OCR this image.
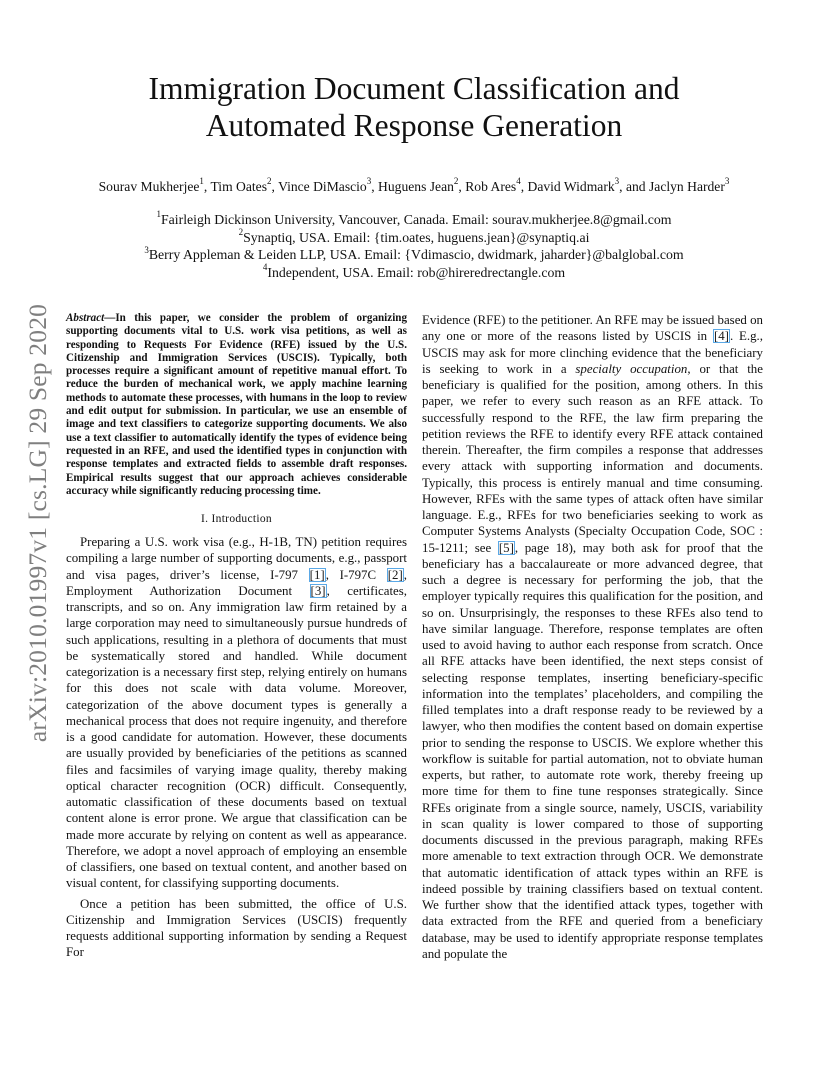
arXiv:2010.01997v1 [cs.LG] 29 Sep 2020
Immigration Document Classification and
Automated Response Generation
Sourav Mukherjee$^1$, Tim Oates$^2$, Vince DiMascio$^3$, Huguens Jean$^2$, Rob Ares$^4$, David Widmark$^3$, and Jaclyn Harder$^3$
$^1$Fairleigh Dickinson University, Vancouver, Canada. Email: sourav.mukherjee.8@gmail.com
$^2$Synaptiq, USA. Email: {tim.oates, huguens.jean}@synaptiq.ai
$^3$Berry Appleman & Leiden LLP, USA. Email: {Vdimascio, dwidmark, jaharder}@balglobal.com
$^4$Independent, USA. Email: rob@hireredrectangle.com
Abstract—In this paper, we consider the problem of organizing supporting documents vital to U.S. work visa petitions, as well as responding to Requests For Evidence (RFE) issued by the U.S. Citizenship and Immigration Services (USCIS). Typically, both processes require a significant amount of repetitive manual effort. To reduce the burden of mechanical work, we apply machine learning methods to automate these processes, with humans in the loop to review and edit output for submission. In particular, we use an ensemble of image and text classifiers to categorize supporting documents. We also use a text classifier to automatically identify the types of evidence being requested in an RFE, and used the identified types in conjunction with response templates and extracted fields to assemble draft responses. Empirical results suggest that our approach achieves considerable accuracy while significantly reducing processing time.
I. Introduction

Preparing a U.S. work visa (e.g., H-1B, TN) petition requires compiling a large number of supporting documents, e.g., passport and visa pages, driver’s license, I-797 [1], I-797C [2], Employment Authorization Document [3], certificates, transcripts, and so on. Any immigration law firm retained by a large corporation may need to simultaneously pursue hundreds of such applications, resulting in a plethora of documents that must be systematically stored and handled. While document categorization is a necessary first step, relying entirely on humans for this does not scale with data volume. Moreover, categorization of the above document types is generally a mechanical process that does not require ingenuity, and therefore is a good candidate for automation. However, these documents are usually provided by beneficiaries of the petitions as scanned files and facsimiles of varying image quality, thereby making optical character recognition (OCR) difficult. Consequently, automatic classification of these documents based on textual content alone is error prone. We argue that classification can be made more accurate by relying on content as well as appearance. Therefore, we adopt a novel approach of employing an ensemble of classifiers, one based on textual content, and another based on visual content, for classifying supporting documents.

Once a petition has been submitted, the office of U.S. Citizenship and Immigration Services (USCIS) frequently requests additional supporting information by sending a Request For

Evidence (RFE) to the petitioner. An RFE may be issued based on any one or more of the reasons listed by USCIS in [4]. E.g., USCIS may ask for more clinching evidence that the beneficiary is seeking to work in a specialty occupation, or that the beneficiary is qualified for the position, among others. In this paper, we refer to every such reason as an RFE attack. To successfully respond to the RFE, the law firm preparing the petition reviews the RFE to identify every RFE attack contained therein. Thereafter, the firm compiles a response that addresses every attack with supporting information and documents. Typically, this process is entirely manual and time consuming. However, RFEs with the same types of attack often have similar language. E.g., RFEs for two beneficiaries seeking to work as Computer Systems Analysts (Specialty Occupation Code, SOC : 15-1211; see [5], page 18), may both ask for proof that the beneficiary has a baccalaureate or more advanced degree, that such a degree is necessary for performing the job, that the employer typically requires this qualification for the position, and so on. Unsurprisingly, the responses to these RFEs also tend to have similar language. Therefore, response templates are often used to avoid having to author each response from scratch. Once all RFE attacks have been identified, the next steps consist of selecting response templates, inserting beneficiary-specific information into the templates’ placeholders, and compiling the filled templates into a draft response ready to be reviewed by a lawyer, who then modifies the content based on domain expertise prior to sending the response to USCIS. We explore whether this workflow is suitable for partial automation, not to obviate human experts, but rather, to automate rote work, thereby freeing up more time for them to fine tune responses strategically. Since RFEs originate from a single source, namely, USCIS, variability in scan quality is lower compared to those of supporting documents discussed in the previous paragraph, making RFEs more amenable to text extraction through OCR. We demonstrate that automatic identification of attack types within an RFE is indeed possible by training classifiers based on textual content. We further show that the identified attack types, together with data extracted from the RFE and queried from a beneficiary database, may be used to identify appropriate response templates and populate the
